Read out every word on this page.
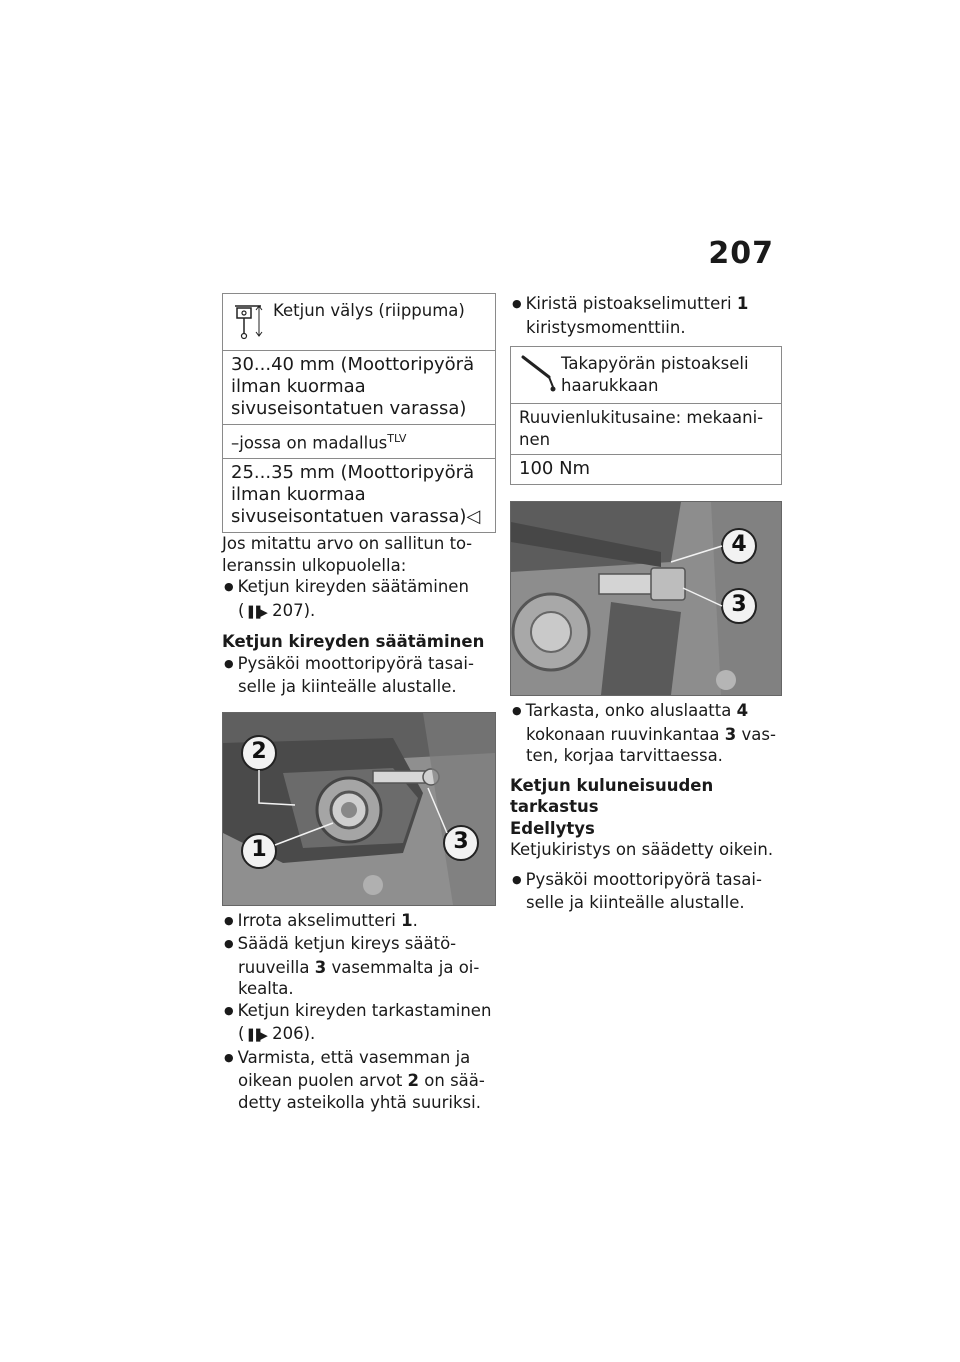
207
Ketjun välys (riippuma)
30...40 mm (Moottoripyörä ilman kuormaa sivuseisontatuen varassa)
–jossa on madallus$^{TLV}$
25...35 mm (Moottoripyörä ilman kuormaa sivuseisontatuen varassa)◁

Jos mitattu arvo on sallitun toleranssin ulkopuolella:

● Ketjun kireyden säätäminen

(▐▐▶ 207).

Ketjun kireyden säätäminen

● Pysäköi moottoripyörä tasaiselle ja kiinteälle alustalle.

2
1	3

● Irrota akselimutteri 1.

● Säädä ketjun kireys säätöruuveilla 3 vasemmalta ja oikealta.

● Ketjun kireyden tarkastaminen

(▐▐▶ 206).

● Varmista, että vasemman ja oikean puolen arvot 2 on säädetty asteikolla yhtä suuriksi.

● Kiristä pistoakselimutteri 1 kiristysmomenttiin.

Takapyörän pistoakseli haarukkaan
Ruuvienlukitusaine: mekaaninen
100 Nm
4
3

● Tarkasta, onko aluslaatta 4 kokonaan ruuvinkantaa 3 vasten, korjaa tarvittaessa.

Ketjun kuluneisuuden tarkastus
Edellytys

Ketjukiristys on säädetty oikein.

● Pysäköi moottoripyörä tasaiselle ja kiinteälle alustalle.
